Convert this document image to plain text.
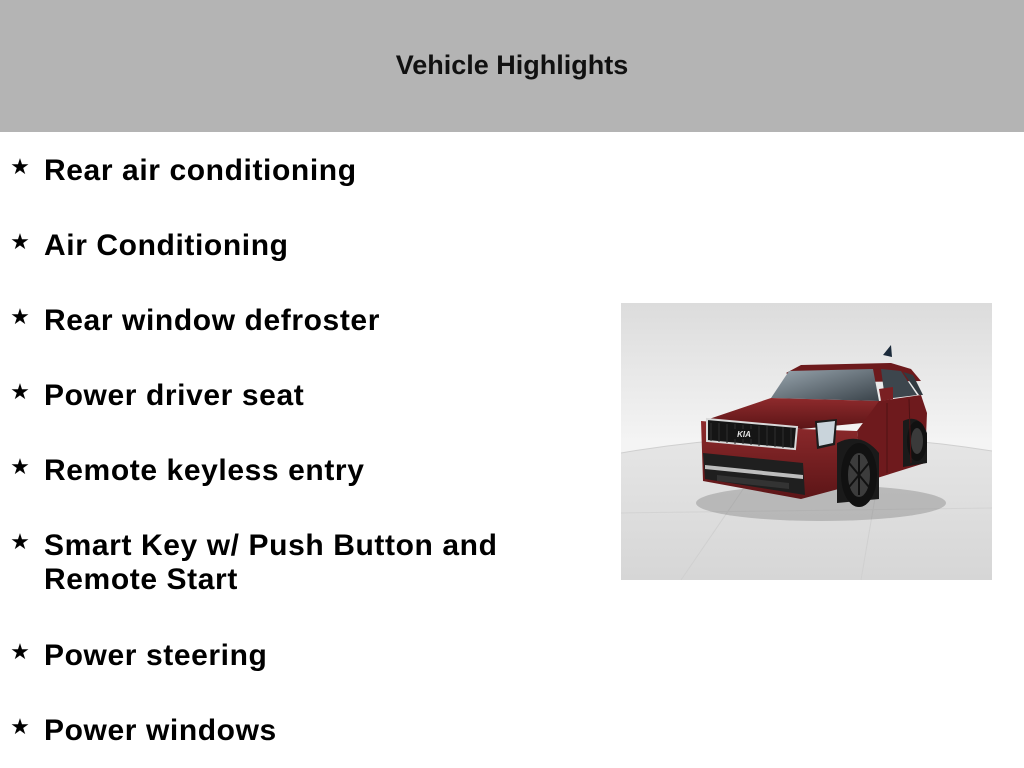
Vehicle Highlights
★ Rear air conditioning
★ Air Conditioning
★ Rear window defroster
★ Power driver seat
★ Remote keyless entry
★ Smart Key w/ Push Button and Remote Start
★ Power steering
★ Power windows
KIA
